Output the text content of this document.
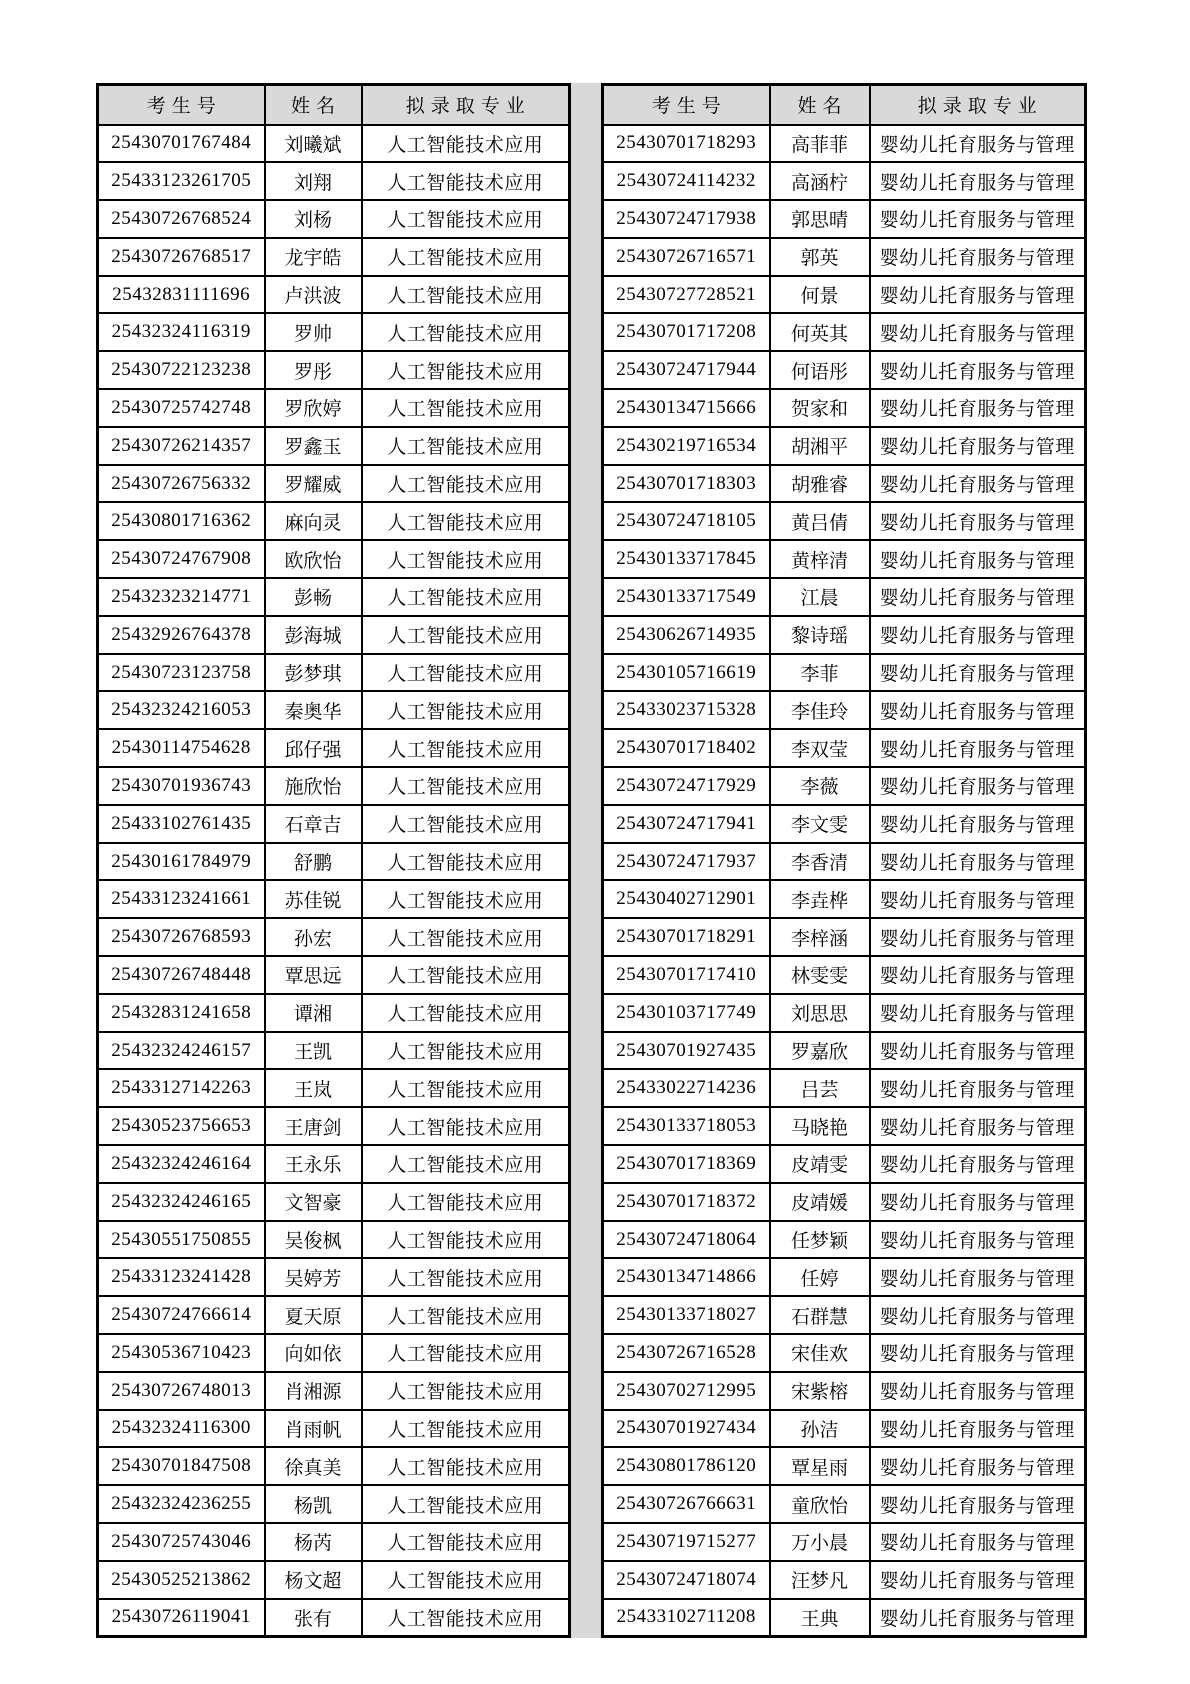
考生号	姓名	拟录取专业
25430701767484	刘曦斌	人工智能技术应用
25433123261705	刘翔	人工智能技术应用
25430726768524	刘杨	人工智能技术应用
25430726768517	龙宇皓	人工智能技术应用
25432831111696	卢洪波	人工智能技术应用
25432324116319	罗帅	人工智能技术应用
25430722123238	罗彤	人工智能技术应用
25430725742748	罗欣婷	人工智能技术应用
25430726214357	罗鑫玉	人工智能技术应用
25430726756332	罗耀威	人工智能技术应用
25430801716362	麻向灵	人工智能技术应用
25430724767908	欧欣怡	人工智能技术应用
25432323214771	彭畅	人工智能技术应用
25432926764378	彭海城	人工智能技术应用
25430723123758	彭梦琪	人工智能技术应用
25432324216053	秦奥华	人工智能技术应用
25430114754628	邱仔强	人工智能技术应用
25430701936743	施欣怡	人工智能技术应用
25433102761435	石章吉	人工智能技术应用
25430161784979	舒鹏	人工智能技术应用
25433123241661	苏佳锐	人工智能技术应用
25430726768593	孙宏	人工智能技术应用
25430726748448	覃思远	人工智能技术应用
25432831241658	谭湘	人工智能技术应用
25432324246157	王凯	人工智能技术应用
25433127142263	王岚	人工智能技术应用
25430523756653	王唐剑	人工智能技术应用
25432324246164	王永乐	人工智能技术应用
25432324246165	文智豪	人工智能技术应用
25430551750855	吴俊枫	人工智能技术应用
25433123241428	吴婷芳	人工智能技术应用
25430724766614	夏天原	人工智能技术应用
25430536710423	向如依	人工智能技术应用
25430726748013	肖湘源	人工智能技术应用
25432324116300	肖雨帆	人工智能技术应用
25430701847508	徐真美	人工智能技术应用
25432324236255	杨凯	人工智能技术应用
25430725743046	杨芮	人工智能技术应用
25430525213862	杨文超	人工智能技术应用
25430726119041	张有	人工智能技术应用
考生号	姓名	拟录取专业
25430701718293	高菲菲	婴幼儿托育服务与管理
25430724114232	高涵柠	婴幼儿托育服务与管理
25430724717938	郭思晴	婴幼儿托育服务与管理
25430726716571	郭英	婴幼儿托育服务与管理
25430727728521	何景	婴幼儿托育服务与管理
25430701717208	何英其	婴幼儿托育服务与管理
25430724717944	何语彤	婴幼儿托育服务与管理
25430134715666	贺家和	婴幼儿托育服务与管理
25430219716534	胡湘平	婴幼儿托育服务与管理
25430701718303	胡雅睿	婴幼儿托育服务与管理
25430724718105	黄吕倩	婴幼儿托育服务与管理
25430133717845	黄梓清	婴幼儿托育服务与管理
25430133717549	江晨	婴幼儿托育服务与管理
25430626714935	黎诗瑶	婴幼儿托育服务与管理
25430105716619	李菲	婴幼儿托育服务与管理
25433023715328	李佳玲	婴幼儿托育服务与管理
25430701718402	李双莹	婴幼儿托育服务与管理
25430724717929	李薇	婴幼儿托育服务与管理
25430724717941	李文雯	婴幼儿托育服务与管理
25430724717937	李香清	婴幼儿托育服务与管理
25430402712901	李垚桦	婴幼儿托育服务与管理
25430701718291	李梓涵	婴幼儿托育服务与管理
25430701717410	林雯雯	婴幼儿托育服务与管理
25430103717749	刘思思	婴幼儿托育服务与管理
25430701927435	罗嘉欣	婴幼儿托育服务与管理
25433022714236	吕芸	婴幼儿托育服务与管理
25430133718053	马晓艳	婴幼儿托育服务与管理
25430701718369	皮靖雯	婴幼儿托育服务与管理
25430701718372	皮靖媛	婴幼儿托育服务与管理
25430724718064	任梦颖	婴幼儿托育服务与管理
25430134714866	任婷	婴幼儿托育服务与管理
25430133718027	石群慧	婴幼儿托育服务与管理
25430726716528	宋佳欢	婴幼儿托育服务与管理
25430702712995	宋紫榕	婴幼儿托育服务与管理
25430701927434	孙洁	婴幼儿托育服务与管理
25430801786120	覃星雨	婴幼儿托育服务与管理
25430726766631	童欣怡	婴幼儿托育服务与管理
25430719715277	万小晨	婴幼儿托育服务与管理
25430724718074	汪梦凡	婴幼儿托育服务与管理
25433102711208	王典	婴幼儿托育服务与管理
